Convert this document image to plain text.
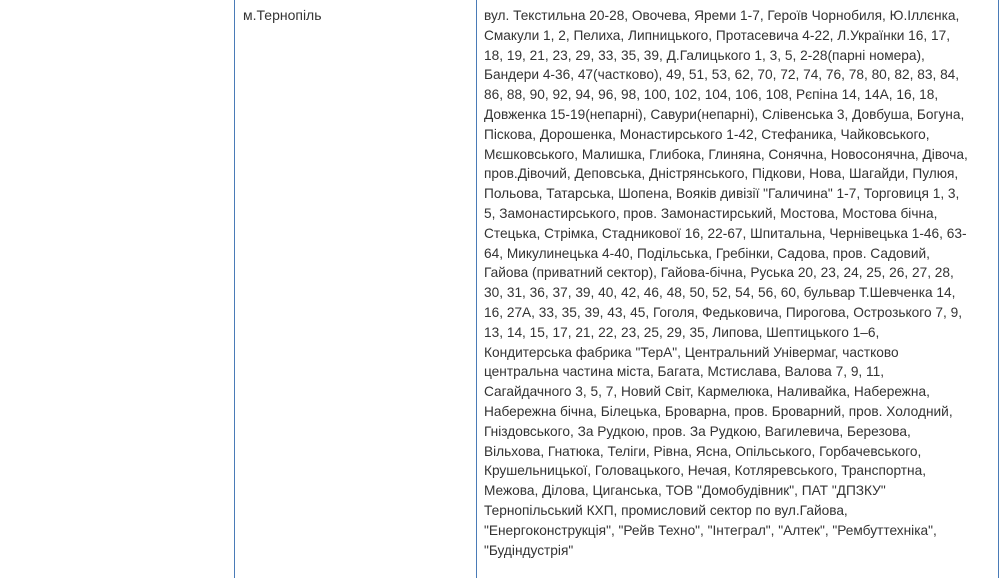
м.Тернопіль	вул. Текстильна 20-28, Овочева, Яреми 1-7, Героїв Чорнобиля, Ю.Іллєнка,
Смакули 1, 2, Пелиха, Липницького, Протасевича 4-22, Л.Українки 16, 17,
18, 19, 21, 23, 29, 33, 35, 39, Д.Галицького 1, 3, 5, 2-28(парні номера),
Бандери 4-36, 47(частково), 49, 51, 53, 62, 70, 72, 74, 76, 78, 80, 82, 83, 84,
86, 88, 90, 92, 94, 96, 98, 100, 102, 104, 106, 108, Рєпіна 14, 14А, 16, 18,
Довженка 15-19(непарні), Савури(непарні), Слівенська 3, Довбуша, Богуна,
Піскова, Дорошенка, Монастирського 1-42, Стефаника, Чайковського,
Мєшковського, Малишка, Глибока, Глиняна, Сонячна, Новосонячна, Дівоча,
пров.Дівочий, Деповська, Дністрянського, Підкови, Нова, Шагайди, Пулюя,
Польова, Татарська, Шопена, Вояків дивізії "Галичина" 1-7, Торговиця 1, 3,
5, Замонастирського, пров. Замонастирський, Мостова, Мостова бічна,
Стецька, Стрімка, Стадникової 16, 22-67, Шпитальна, Чернівецька 1-46, 63-
64, Микулинецька 4-40, Подільська, Гребінки, Садова, пров. Садовий,
Гайова (приватний сектор), Гайова-бічна, Руська 20, 23, 24, 25, 26, 27, 28,
30, 31, 36, 37, 39, 40, 42, 46, 48, 50, 52, 54, 56, 60, бульвар Т.Шевченка 14,
16, 27А, 33, 35, 39, 43, 45, Гоголя, Федьковича, Пирогова, Острозького 7, 9,
13, 14, 15, 17, 21, 22, 23, 25, 29, 35, Липова, Шептицького 1–6,
Кондитерська фабрика "ТерА", Центральний Універмаг, частково
центральна частина міста, Багата, Мстислава, Валова 7, 9, 11,
Сагайдачного 3, 5, 7, Новий Світ, Кармелюка, Наливайка, Набережна,
Набережна бічна, Білецька, Броварна, пров. Броварний, пров. Холодний,
Гніздовського, За Рудкою, пров. За Рудкою, Вагилевича, Березова,
Вільхова, Гнатюка, Теліги, Рівна, Ясна, Опільського, Горбачевського,
Крушельницької, Головацького, Нечая, Котляревського, Транспортна,
Межова, Ділова, Циганська, ТОВ "Домобудівник", ПАТ "ДПЗКУ"
Тернопільський КХП, промисловий сектор по вул.Гайова,
"Енергоконструкція", "Рейв Техно", "Інтеграл", "Алтек", "Рембуттехніка",
"Будіндустрія"
